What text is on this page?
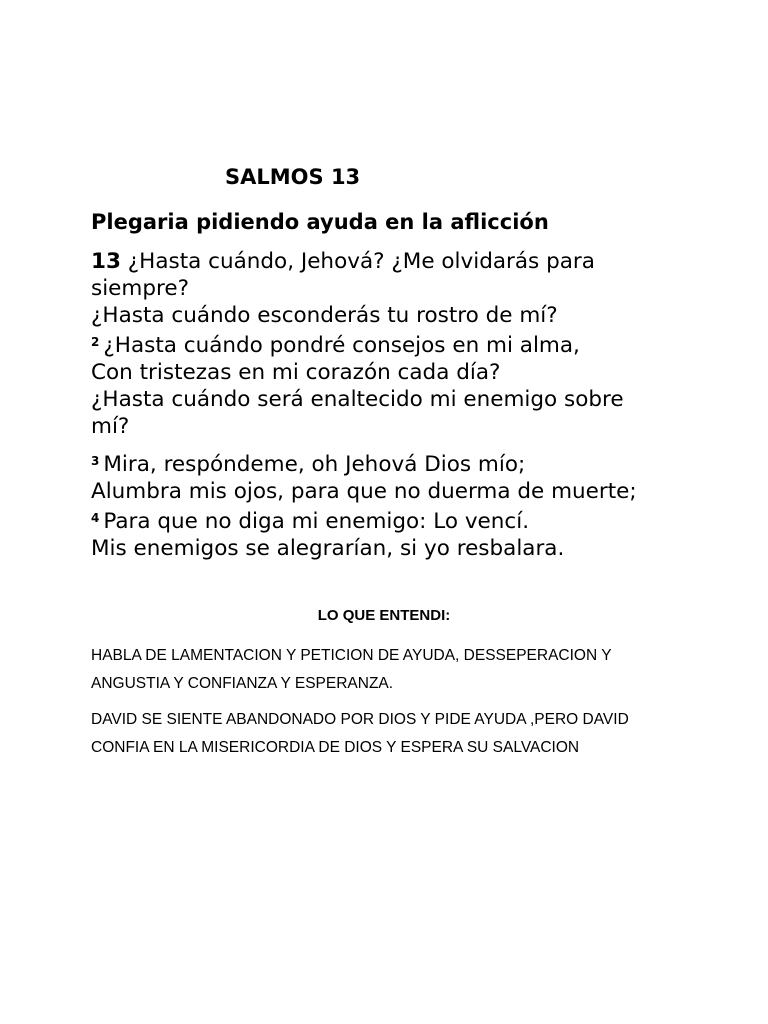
SALMOS 13
Plegaria pidiendo ayuda en la aflicción
13 ¿Hasta cuándo, Jehová? ¿Me olvidarás para
siempre?
¿Hasta cuándo esconderás tu rostro de mí?
$^2$ ¿Hasta cuándo pondré consejos en mi alma,
Con tristezas en mi corazón cada día?
¿Hasta cuándo será enaltecido mi enemigo sobre
mí?
$^3$ Mira, respóndeme, oh Jehová Dios mío;
Alumbra mis ojos, para que no duerma de muerte;
$^4$ Para que no diga mi enemigo: Lo vencí.
Mis enemigos se alegrarían, si yo resbalara.
LO QUE ENTENDI:
HABLA DE LAMENTACION Y PETICION DE AYUDA, DESSEPERACION Y
ANGUSTIA Y CONFIANZA Y ESPERANZA.
DAVID SE SIENTE ABANDONADO POR DIOS Y PIDE AYUDA ,PERO DAVID
CONFIA EN LA MISERICORDIA DE DIOS Y ESPERA SU SALVACION
